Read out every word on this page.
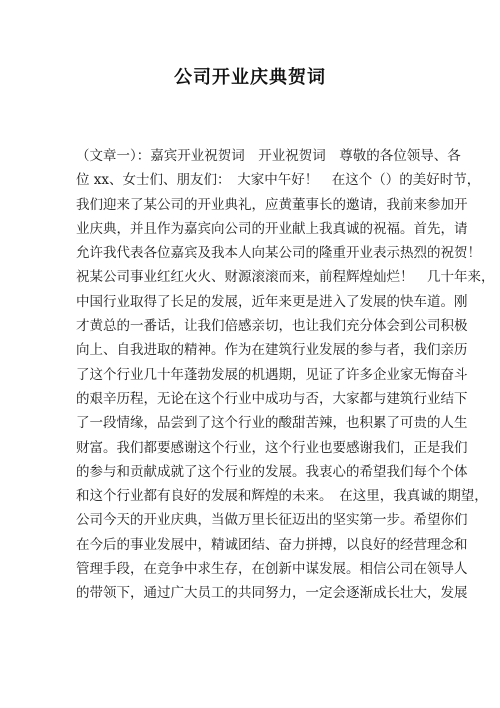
公司开业庆典贺词
（文章一）：嘉宾开业祝贺词　开业祝贺词　尊敬的各位领导、各
位 xx、女士们、朋友们：　大家中午好！　在这个（）的美好时节，
我们迎来了某公司的开业典礼，应黄董事长的邀请，我前来参加开
业庆典，并且作为嘉宾向公司的开业献上我真诚的祝福。首先，请
允许我代表各位嘉宾及我本人向某公司的隆重开业表示热烈的祝贺！
祝某公司事业红红火火、财源滚滚而来，前程辉煌灿烂！　几十年来，
中国行业取得了长足的发展，近年来更是进入了发展的快车道。刚
才黄总的一番话，让我们倍感亲切，也让我们充分体会到公司积极
向上、自我进取的精神。作为在建筑行业发展的参与者，我们亲历
了这个行业几十年蓬勃发展的机遇期，见证了许多企业家无悔奋斗
的艰辛历程，无论在这个行业中成功与否，大家都与建筑行业结下
了一段情缘，品尝到了这个行业的酸甜苦辣，也积累了可贵的人生
财富。我们都要感谢这个行业，这个行业也要感谢我们，正是我们
的参与和贡献成就了这个行业的发展。我衷心的希望我们每个个体
和这个行业都有良好的发展和辉煌的未来。　在这里，我真诚的期望，
公司今天的开业庆典，当做万里长征迈出的坚实第一步。希望你们
在今后的事业发展中，精诚团结、奋力拼搏，以良好的经营理念和
管理手段，在竞争中求生存，在创新中谋发展。相信公司在领导人
的带领下，通过广大员工的共同努力，一定会逐渐成长壮大，发展
